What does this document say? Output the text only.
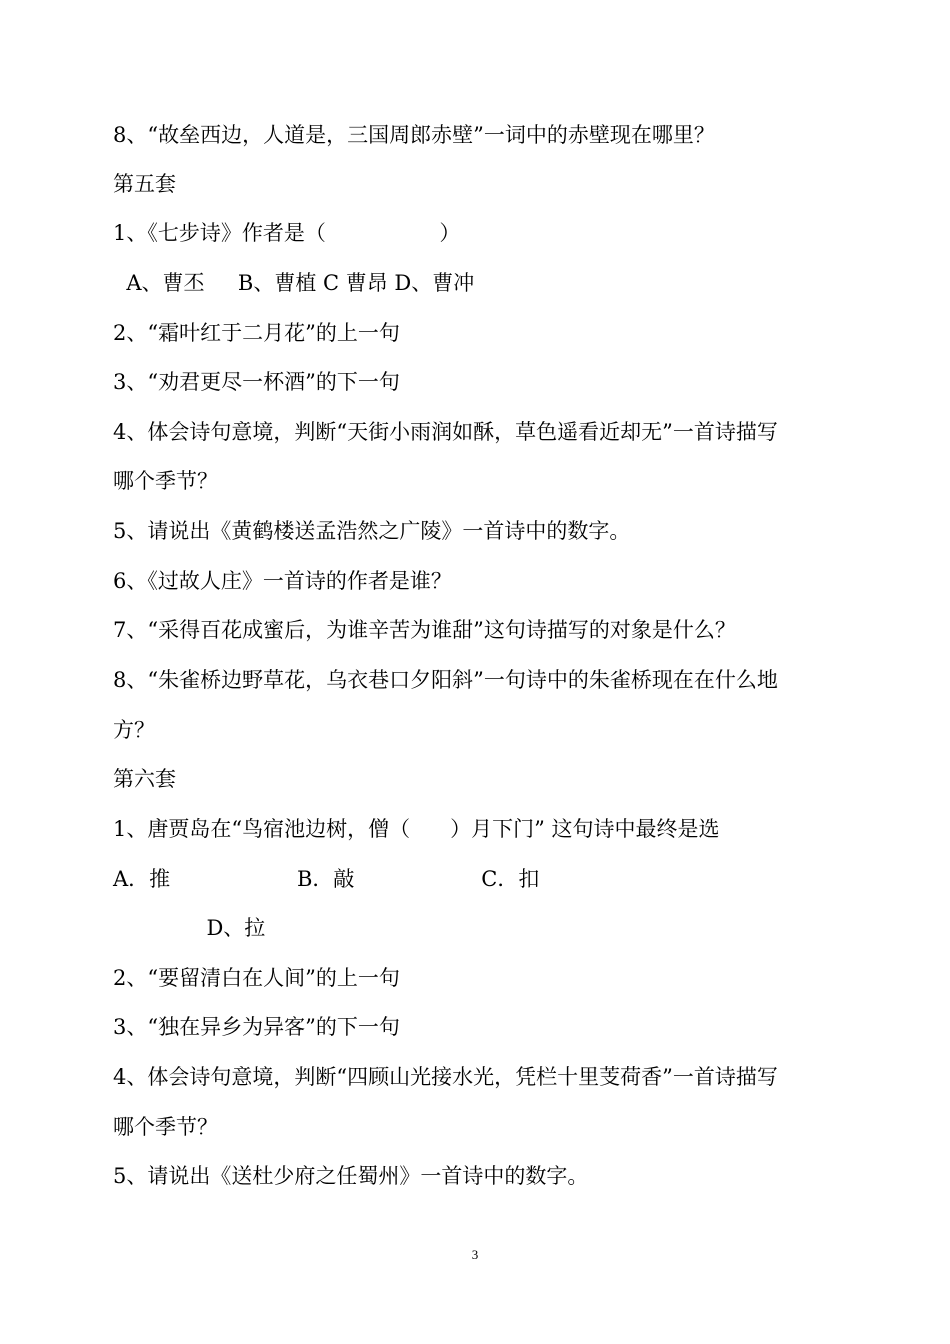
8、“故垒西边，人道是，三国周郎赤壁”一词中的赤壁现在哪里？

第五套

1、《七步诗》作者是（                 ）

A、曹丕     B、曹植 C 曹昂 D、曹冲

2、“霜叶红于二月花”的上一句

3、“劝君更尽一杯酒”的下一句

4、体会诗句意境，判断“天街小雨润如酥，草色遥看近却无”一首诗描写

哪个季节？

5、请说出《黄鹤楼送孟浩然之广陵》一首诗中的数字。

6、《过故人庄》一首诗的作者是谁？

7、“采得百花成蜜后，为谁辛苦为谁甜”这句诗描写的对象是什么？

8、“朱雀桥边野草花，乌衣巷口夕阳斜”一句诗中的朱雀桥现在在什么地

方？

第六套

1、唐贾岛在“鸟宿池边树，僧（      ）月下门” 这句诗中最终是选

A．推                   B．敲                   C．扣

D、拉

2、“要留清白在人间”的上一句

3、“独在异乡为异客”的下一句

4、体会诗句意境，判断“四顾山光接水光，凭栏十里芰荷香”一首诗描写

哪个季节？

5、请说出《送杜少府之任蜀州》一首诗中的数字。

3
